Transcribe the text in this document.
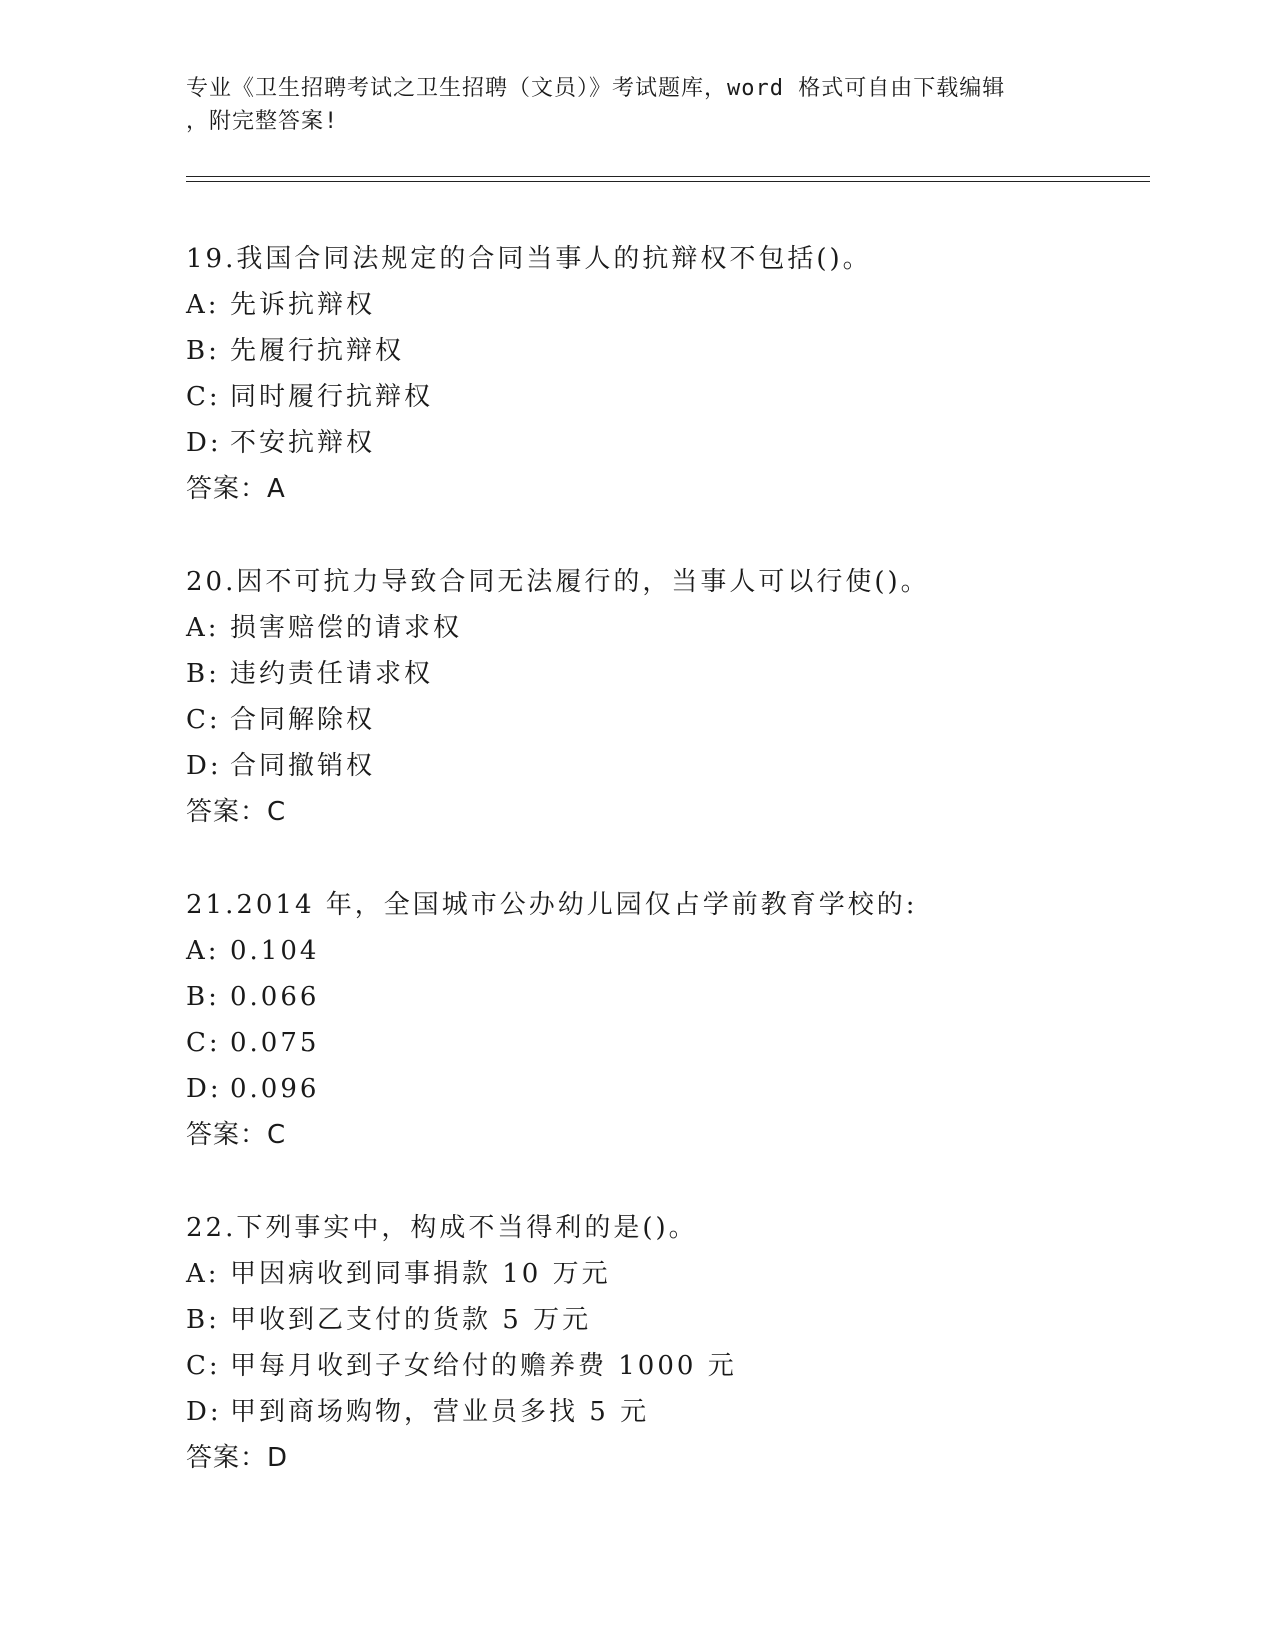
专业《卫生招聘考试之卫生招聘（文员）》考试题库，word 格式可自由下载编辑
，附完整答案!
19.我国合同法规定的合同当事人的抗辩权不包括()。
A: 先诉抗辩权
B: 先履行抗辩权
C: 同时履行抗辩权
D: 不安抗辩权
答案：A
20.因不可抗力导致合同无法履行的，当事人可以行使()。
A: 损害赔偿的请求权
B: 违约责任请求权
C: 合同解除权
D: 合同撤销权
答案：C
21.2014 年，全国城市公办幼儿园仅占学前教育学校的:
A: 0.104
B: 0.066
C: 0.075
D: 0.096
答案：C
22.下列事实中，构成不当得利的是()。
A: 甲因病收到同事捐款 10 万元
B: 甲收到乙支付的货款 5 万元
C: 甲每月收到子女给付的赡养费 1000 元
D: 甲到商场购物，营业员多找 5 元
答案：D
